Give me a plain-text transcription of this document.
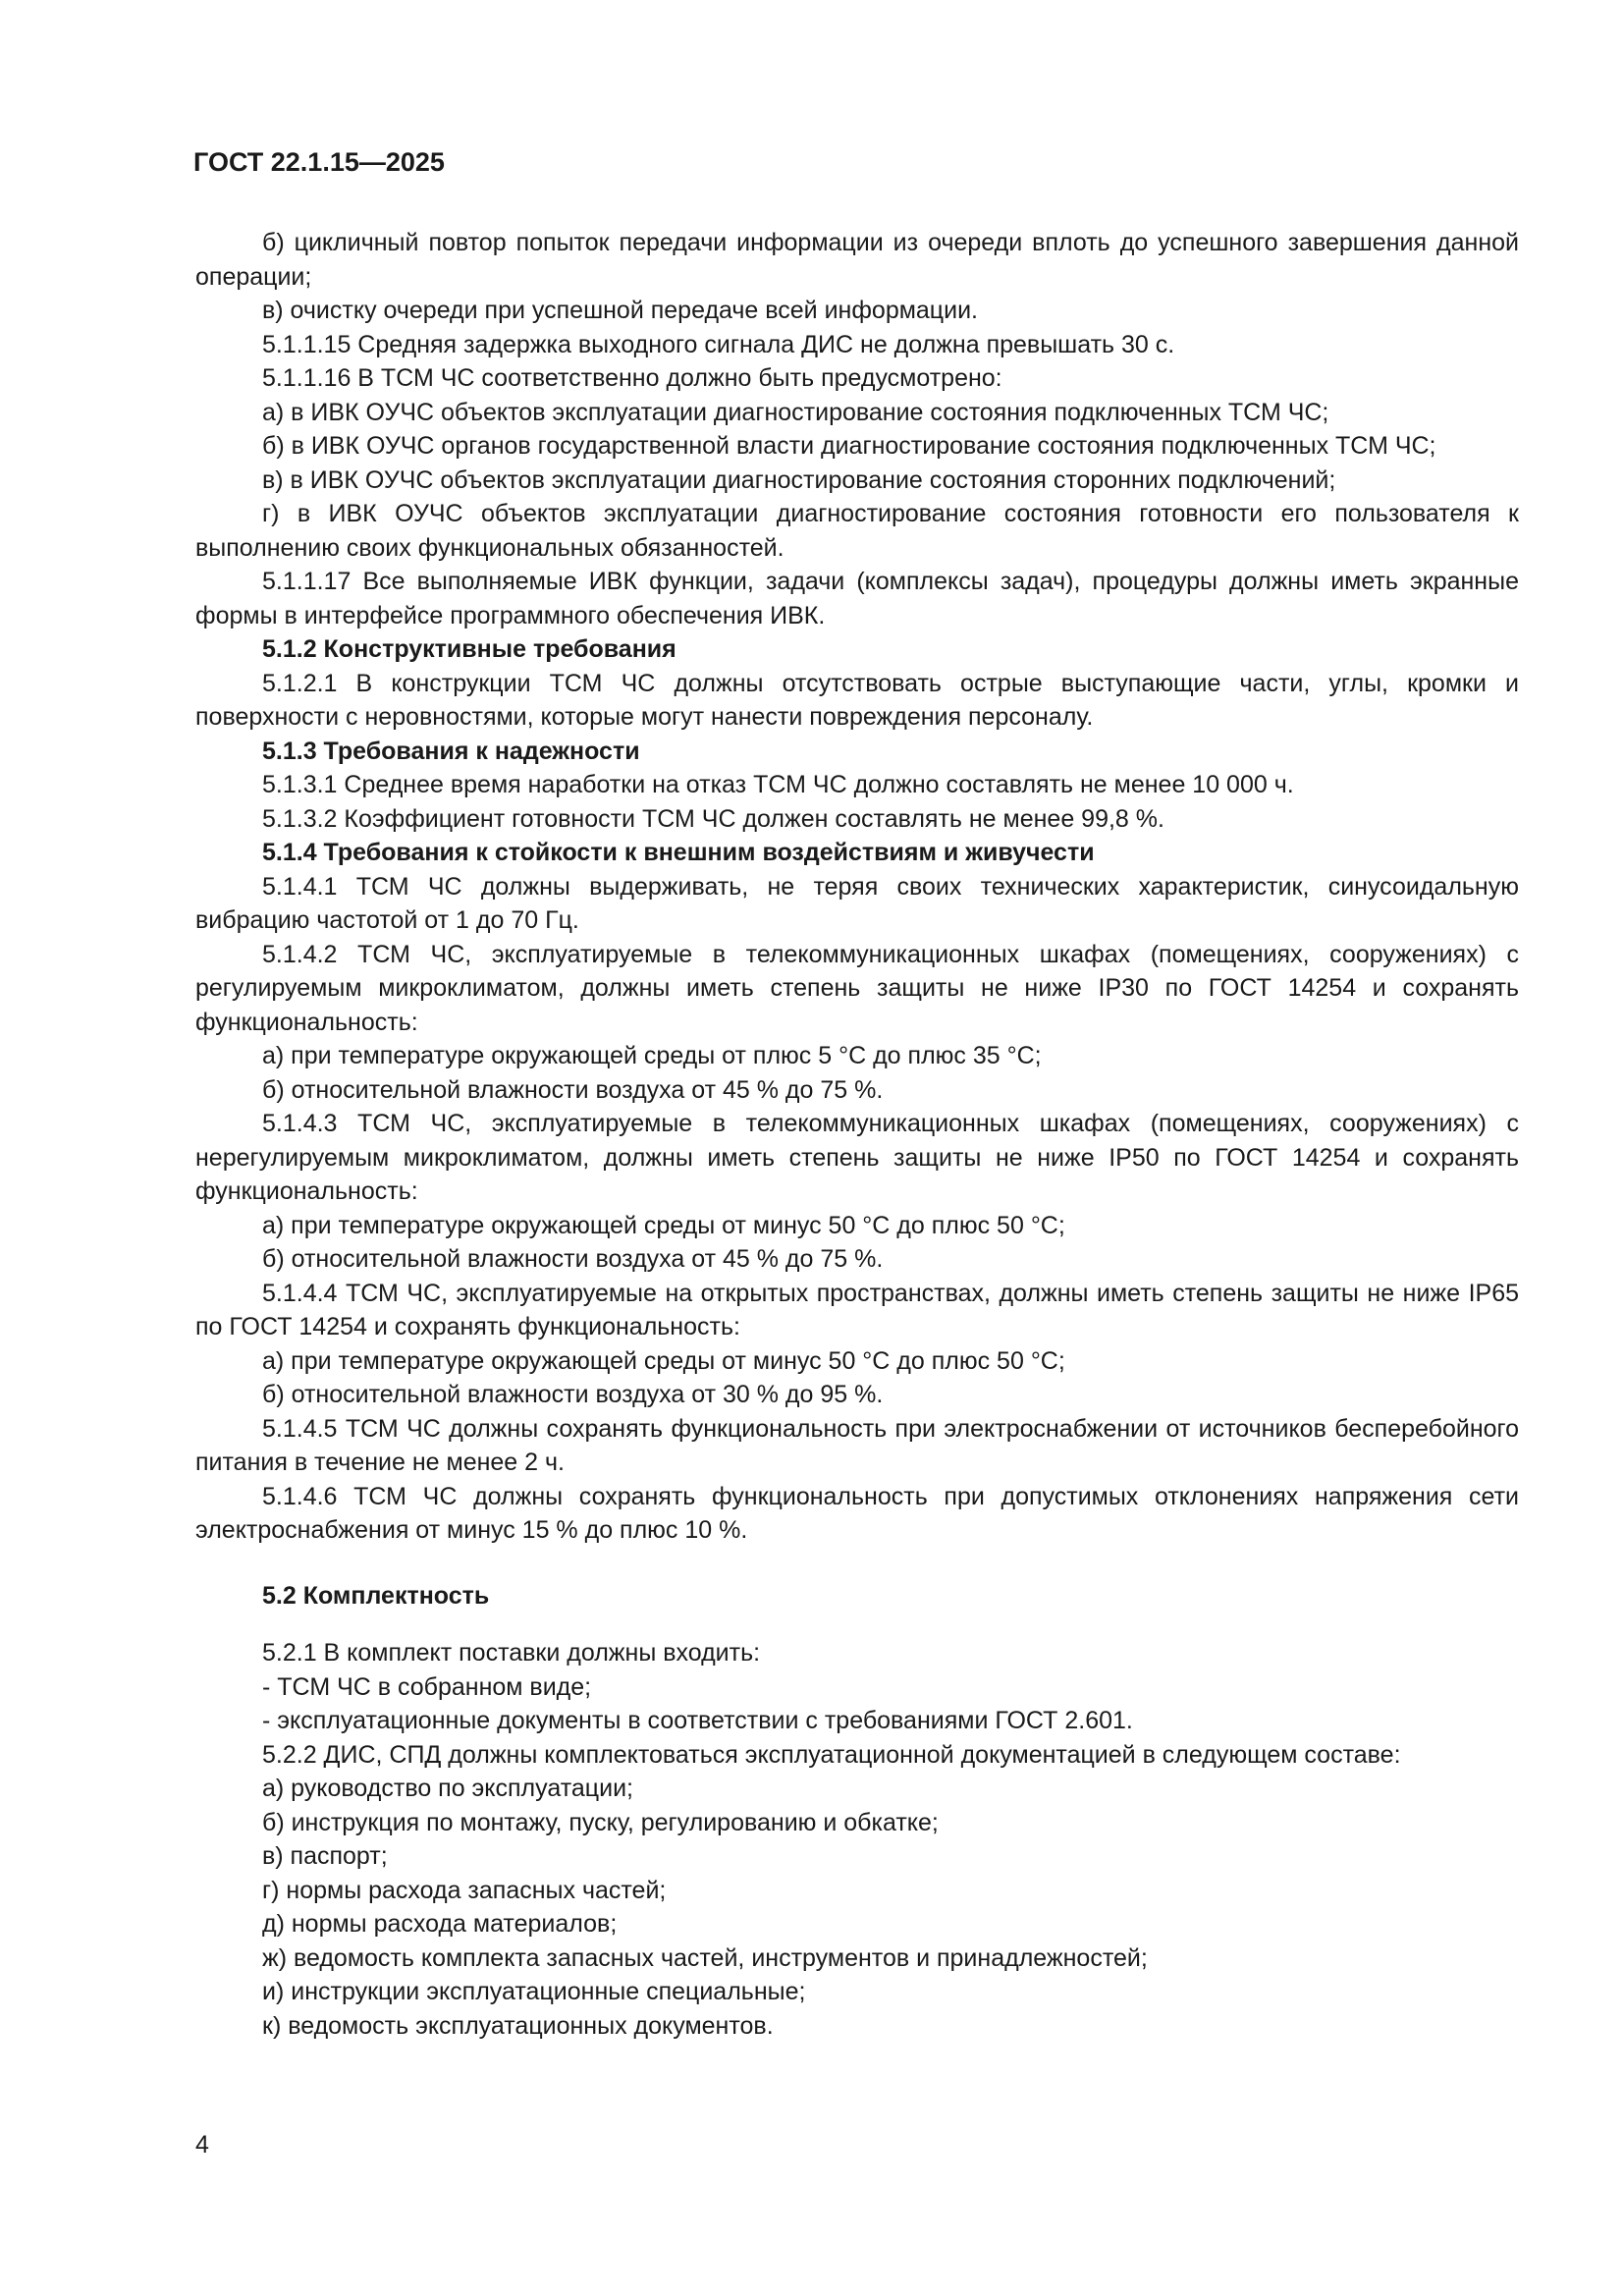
ГОСТ 22.1.15—2025

б) цикличный повтор попыток передачи информации из очереди вплоть до успешного завершения данной операции;

в) очистку очереди при успешной передаче всей информации.

5.1.1.15 Средняя задержка выходного сигнала ДИС не должна превышать 30 с.

5.1.1.16 В ТСМ ЧС соответственно должно быть предусмотрено:

а) в ИВК ОУЧС объектов эксплуатации диагностирование состояния подключенных ТСМ ЧС;

б) в ИВК ОУЧС органов государственной власти диагностирование состояния подключенных ТСМ ЧС;

в) в ИВК ОУЧС объектов эксплуатации диагностирование состояния сторонних подключений;

г) в ИВК ОУЧС объектов эксплуатации диагностирование состояния готовности его пользователя к выполнению своих функциональных обязанностей.

5.1.1.17 Все выполняемые ИВК функции, задачи (комплексы задач), процедуры должны иметь экранные формы в интерфейсе программного обеспечения ИВК.

5.1.2 Конструктивные требования

5.1.2.1 В конструкции ТСМ ЧС должны отсутствовать острые выступающие части, углы, кромки и поверхности с неровностями, которые могут нанести повреждения персоналу.

5.1.3 Требования к надежности

5.1.3.1 Среднее время наработки на отказ ТСМ ЧС должно составлять не менее 10 000 ч.

5.1.3.2 Коэффициент готовности ТСМ ЧС должен составлять не менее 99,8 %.

5.1.4 Требования к стойкости к внешним воздействиям и живучести

5.1.4.1 ТСМ ЧС должны выдерживать, не теряя своих технических характеристик, синусоидальную вибрацию частотой от 1 до 70 Гц.

5.1.4.2 ТСМ ЧС, эксплуатируемые в телекоммуникационных шкафах (помещениях, сооружениях) с регулируемым микроклиматом, должны иметь степень защиты не ниже IP30 по ГОСТ 14254 и сохранять функциональность:

а) при температуре окружающей среды от плюс 5 °С до плюс 35 °С;

б) относительной влажности воздуха от 45 % до 75 %.

5.1.4.3 ТСМ ЧС, эксплуатируемые в телекоммуникационных шкафах (помещениях, сооружениях) с нерегулируемым микроклиматом, должны иметь степень защиты не ниже IP50 по ГОСТ 14254 и сохранять функциональность:

а) при температуре окружающей среды от минус 50 °С до плюс 50 °С;

б) относительной влажности воздуха от 45 % до 75 %.

5.1.4.4 ТСМ ЧС, эксплуатируемые на открытых пространствах, должны иметь степень защиты не ниже IP65 по ГОСТ 14254 и сохранять функциональность:

а) при температуре окружающей среды от минус 50 °С до плюс 50 °С;

б) относительной влажности воздуха от 30 % до 95 %.

5.1.4.5 ТСМ ЧС должны сохранять функциональность при электроснабжении от источников бесперебойного питания в течение не менее 2 ч.

5.1.4.6 ТСМ ЧС должны сохранять функциональность при допустимых отклонениях напряжения сети электроснабжения от минус 15 % до плюс 10 %.

5.2 Комплектность

5.2.1 В комплект поставки должны входить:

- ТСМ ЧС в собранном виде;

- эксплуатационные документы в соответствии с требованиями ГОСТ 2.601.

5.2.2 ДИС, СПД должны комплектоваться эксплуатационной документацией в следующем составе:

а) руководство по эксплуатации;

б) инструкция по монтажу, пуску, регулированию и обкатке;

в) паспорт;

г) нормы расхода запасных частей;

д) нормы расхода материалов;

ж) ведомость комплекта запасных частей, инструментов и принадлежностей;

и) инструкции эксплуатационные специальные;

к) ведомость эксплуатационных документов.

4
